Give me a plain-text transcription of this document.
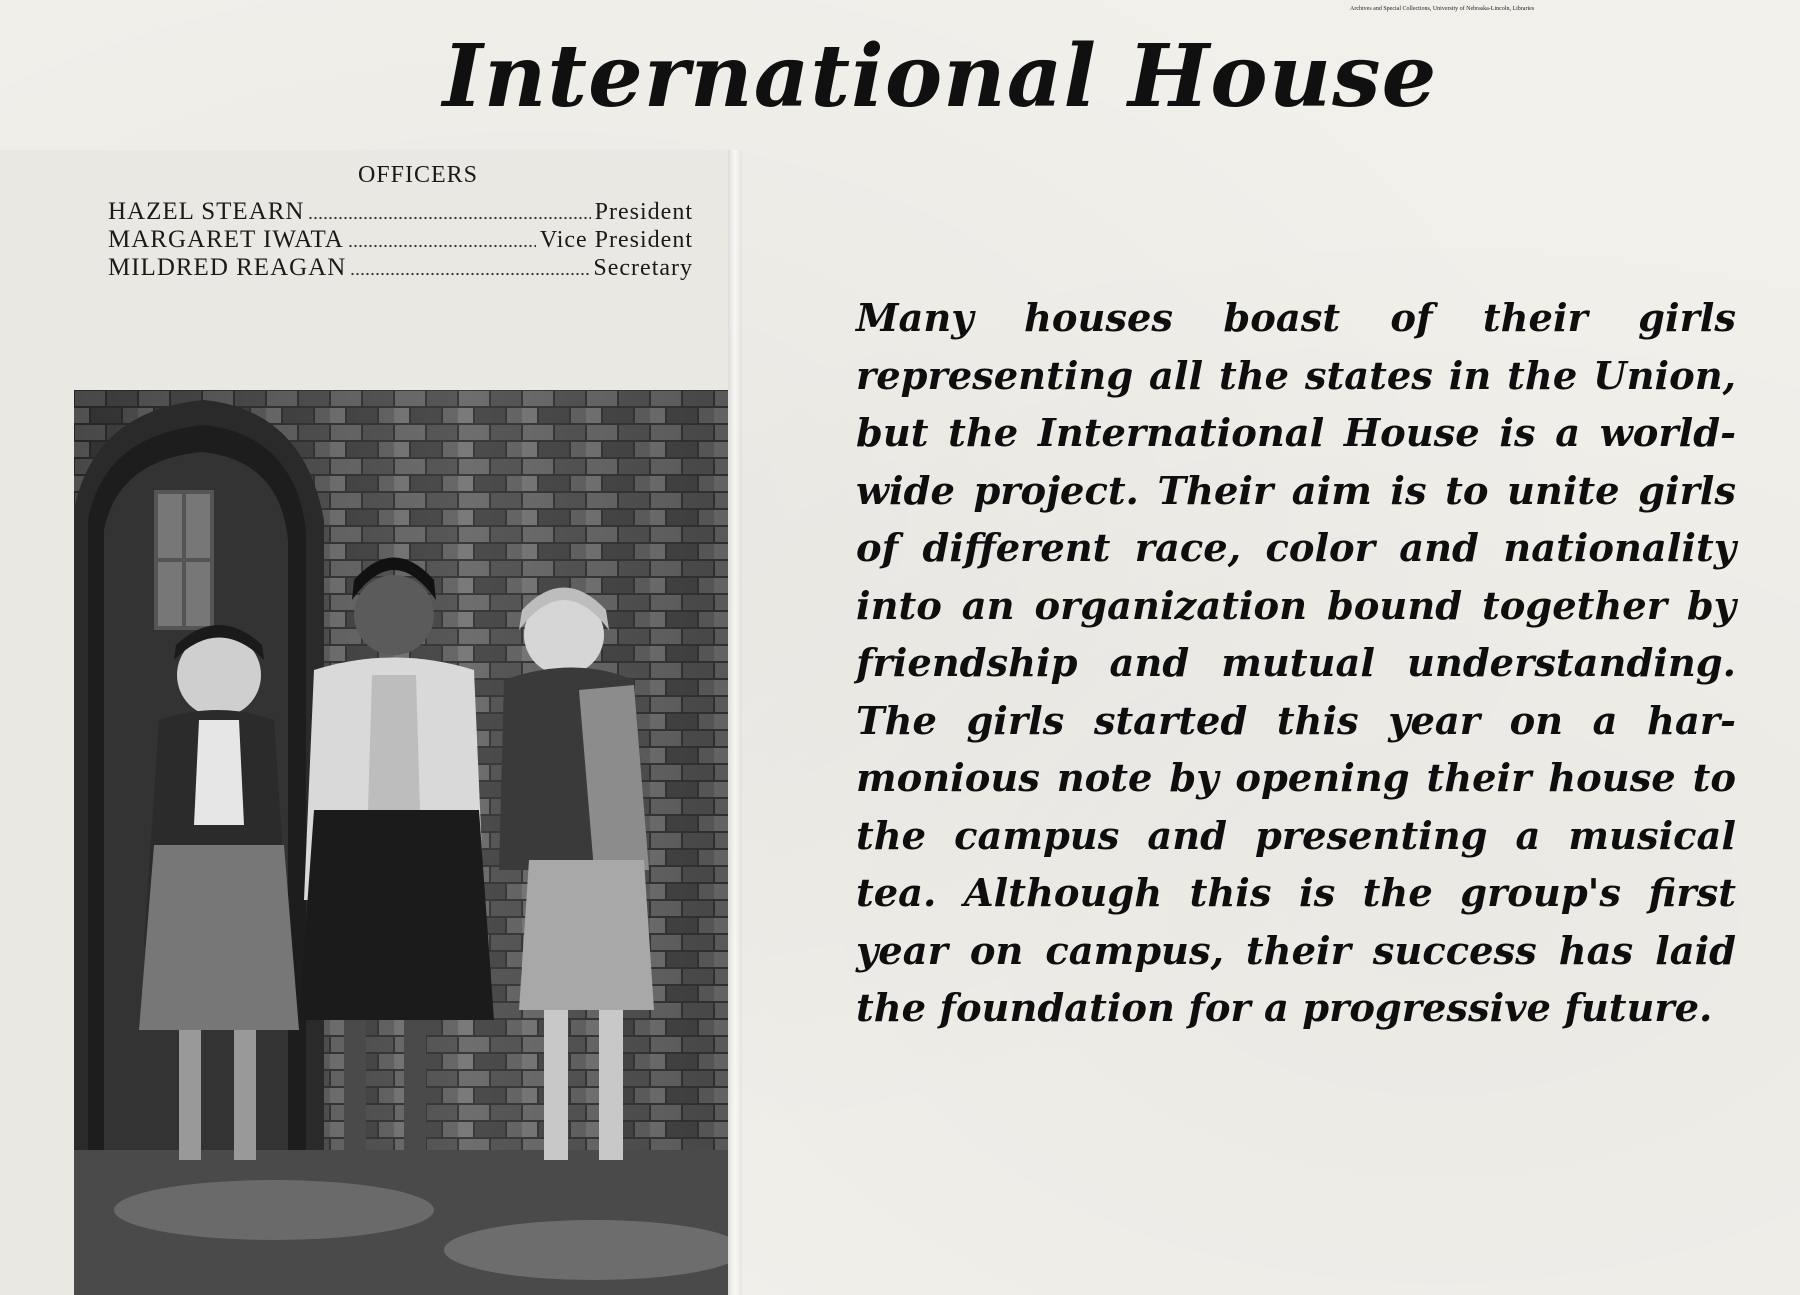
Archives and Special Collections, University of Nebraska-Lincoln, Libraries
International House
OFFICERS
HAZEL STEARN	President
MARGARET IWATA	Vice President
MILDRED REAGAN	Secretary
Many houses boast of their girls
representing all the states in the Union,
but the International House is a world-
wide project. Their aim is to unite girls
of different race, color and nationality
into an organization bound together by
friendship and mutual understanding.
The girls started this year on a har-
monious note by opening their house to
the campus and presenting a musical
tea. Although this is the group's first
year on campus, their success has laid
the foundation for a progressive future.
